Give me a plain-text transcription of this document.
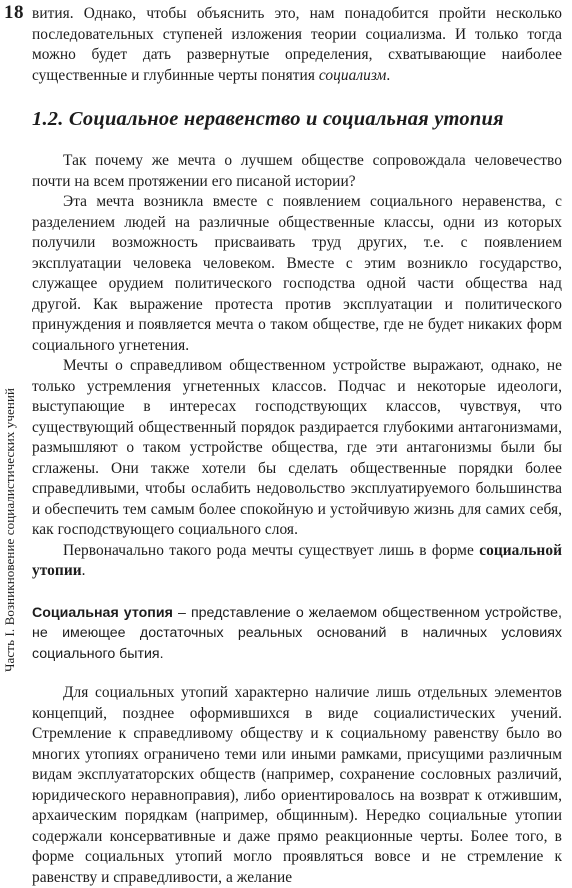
18
Часть I. Возникновение социалистических учений

вития. Однако, чтобы объяснить это, нам понадобится пройти несколько последовательных ступеней изложения теории социализма. И только тогда можно будет дать развернутые определения, схватывающие наиболее существенные и глубинные черты понятия социализм.

1.2. Социальное неравенство и социальная утопия

Так почему же мечта о лучшем обществе сопровождала человечество почти на всем протяжении его писаной истории?

Эта мечта возникла вместе с появлением социального неравенства, с разделением людей на различные общественные классы, одни из которых получили возможность присваивать труд других, т.е. с появлением эксплуатации человека человеком. Вместе с этим возникло государство, служащее орудием политического господства одной части общества над другой. Как выражение протеста против эксплуатации и политического принуждения и появляется мечта о таком обществе, где не будет никаких форм социального угнетения.

Мечты о справедливом общественном устройстве выражают, однако, не только устремления угнетенных классов. Подчас и некоторые идеологи, выступающие в интересах господствующих классов, чувствуя, что существующий общественный порядок раздирается глубокими антагонизмами, размышляют о таком устройстве общества, где эти антагонизмы были бы сглажены. Они также хотели бы сделать общественные порядки более справедливыми, чтобы ослабить недовольство эксплуатируемого большинства и обеспечить тем самым более спокойную и устойчивую жизнь для самих себя, как господствующего социального слоя.

Первоначально такого рода мечты существует лишь в форме социальной утопии.

Социальная утопия – представление о желаемом общественном устройстве, не имеющее достаточных реальных оснований в наличных условиях социального бытия.

Для социальных утопий характерно наличие лишь отдельных элементов концепций, позднее оформившихся в виде социалистических учений. Стремление к справедливому обществу и к социальному равенству было во многих утопиях ограничено теми или иными рамками, присущими различным видам эксплуататорских обществ (например, сохранение сословных различий, юридического неравноправия), либо ориентировалось на возврат к отжившим, архаическим порядкам (например, общинным). Нередко социальные утопии содержали консервативные и даже прямо реакционные черты. Более того, в форме социальных утопий могло проявляться вовсе и не стремление к равенству и справедливости, а желание
